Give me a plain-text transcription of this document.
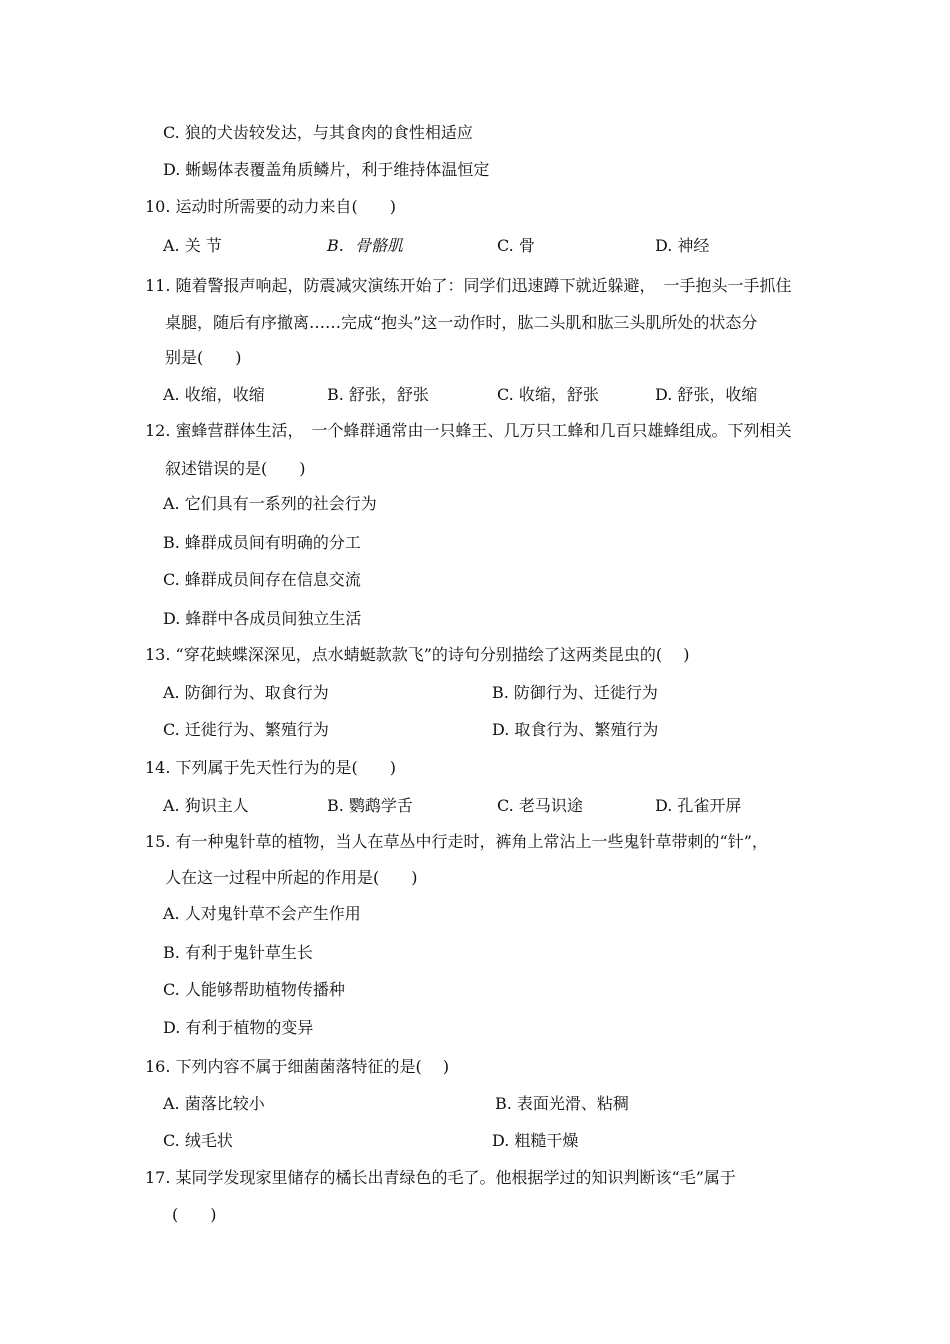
C. 狼的犬齿较发达，与其食肉的食性相适应
D. 蜥蜴体表覆盖角质鳞片，利于维持体温恒定
10. 运动时所需要的动力来自(　　)
A. 关 节	B. 骨骼肌	C. 骨	D. 神经
11. 随着警报声响起，防震减灾演练开始了：同学们迅速蹲下就近躲避，　一手抱头一手抓住
桌腿，随后有序撤离……完成“抱头”这一动作时，肱二头肌和肱三头肌所处的状态分
别是(　　)
A. 收缩，收缩	B. 舒张，舒张	C. 收缩，舒张	D. 舒张，收缩
12. 蜜蜂营群体生活，　一个蜂群通常由一只蜂王、几万只工蜂和几百只雄蜂组成。下列相关
叙述错误的是(　　)
A. 它们具有一系列的社会行为
B. 蜂群成员间有明确的分工
C. 蜂群成员间存在信息交流
D. 蜂群中各成员间独立生活
13. “穿花蛱蝶深深见，点水蜻蜓款款飞”的诗句分别描绘了这两类昆虫的(　 )
A. 防御行为、取食行为	B. 防御行为、迁徙行为
C. 迁徙行为、繁殖行为	D. 取食行为、繁殖行为
14. 下列属于先天性行为的是(　　)
A. 狗识主人	B. 鹦鹉学舌	C. 老马识途	D. 孔雀开屏
15. 有一种鬼针草的植物，当人在草丛中行走时，裤角上常沾上一些鬼针草带刺的“针”，
人在这一过程中所起的作用是(　　)
A. 人对鬼针草不会产生作用
B. 有利于鬼针草生长
C. 人能够帮助植物传播种
D. 有利于植物的变异
16. 下列内容不属于细菌菌落特征的是(　 )
A. 菌落比较小	B. 表面光滑、粘稠
C. 绒毛状	D. 粗糙干燥
17. 某同学发现家里储存的橘长出青绿色的毛了。他根据学过的知识判断该“毛”属于
(　　)
